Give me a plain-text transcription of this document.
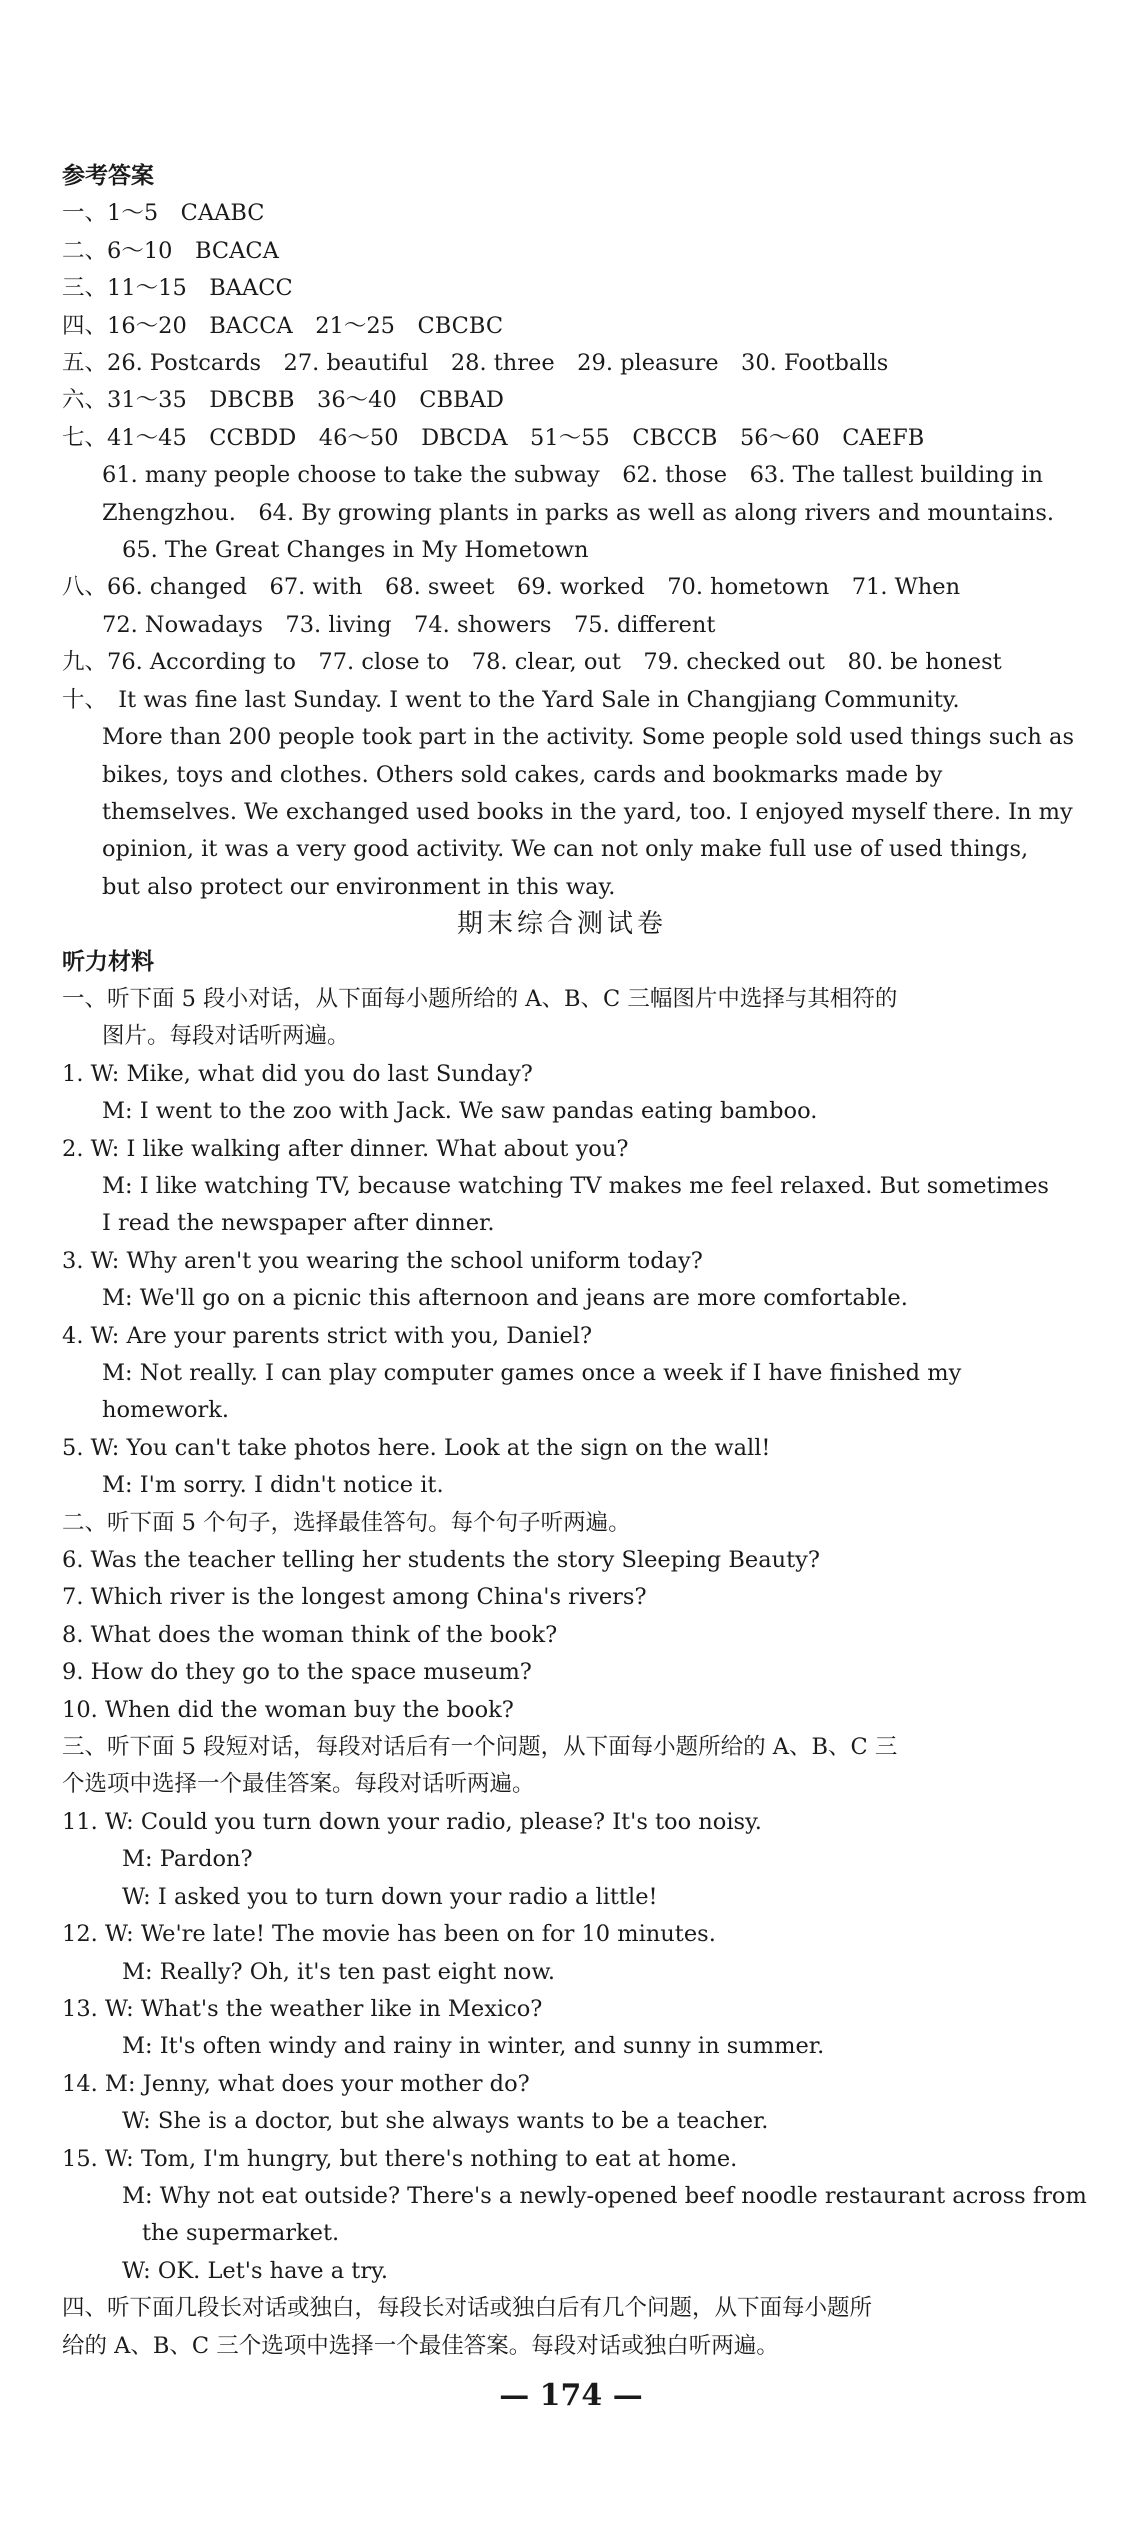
参考答案
一、1～5　CAABC
二、6～10　BCACA
三、11～15　BAACC
四、16～20　BACCA　21～25　CBCBC
五、26. Postcards　27. beautiful　28. three　29. pleasure　30. Footballs
六、31～35　DBCBB　36～40　CBBAD
七、41～45　CCBDD　46～50　DBCDA　51～55　CBCCB　56～60　CAEFB
61. many people choose to take the subway　62. those　63. The tallest building in
Zhengzhou.　64. By growing plants in parks as well as along rivers and mountains.
65. The Great Changes in My Hometown
八、66. changed　67. with　68. sweet　69. worked　70. hometown　71. When
72. Nowadays　73. living　74. showers　75. different
九、76. According to　77. close to　78. clear, out　79. checked out　80. be honest
十、　It was fine last Sunday. I went to the Yard Sale in Changjiang Community.
More than 200 people took part in the activity. Some people sold used things such as
bikes, toys and clothes. Others sold cakes, cards and bookmarks made by
themselves. We exchanged used books in the yard, too. I enjoyed myself there. In my
opinion, it was a very good activity. We can not only make full use of used things,
but also protect our environment in this way.
期末综合测试卷
听力材料
一、听下面 5 段小对话，从下面每小题所给的 A、B、C 三幅图片中选择与其相符的
图片。每段对话听两遍。
1. W: Mike, what did you do last Sunday?
M: I went to the zoo with Jack. We saw pandas eating bamboo.
2. W: I like walking after dinner. What about you?
M: I like watching TV, because watching TV makes me feel relaxed. But sometimes
I read the newspaper after dinner.
3. W: Why aren't you wearing the school uniform today?
M: We'll go on a picnic this afternoon and jeans are more comfortable.
4. W: Are your parents strict with you, Daniel?
M: Not really. I can play computer games once a week if I have finished my
homework.
5. W: You can't take photos here. Look at the sign on the wall!
M: I'm sorry. I didn't notice it.
二、听下面 5 个句子，选择最佳答句。每个句子听两遍。
6. Was the teacher telling her students the story Sleeping Beauty?
7. Which river is the longest among China's rivers?
8. What does the woman think of the book?
9. How do they go to the space museum?
10. When did the woman buy the book?
三、听下面 5 段短对话，每段对话后有一个问题，从下面每小题所给的 A、B、C 三
个选项中选择一个最佳答案。每段对话听两遍。
11. W: Could you turn down your radio, please? It's too noisy.
M: Pardon?
W: I asked you to turn down your radio a little!
12. W: We're late! The movie has been on for 10 minutes.
M: Really? Oh, it's ten past eight now.
13. W: What's the weather like in Mexico?
M: It's often windy and rainy in winter, and sunny in summer.
14. M: Jenny, what does your mother do?
W: She is a doctor, but she always wants to be a teacher.
15. W: Tom, I'm hungry, but there's nothing to eat at home.
M: Why not eat outside? There's a newly-opened beef noodle restaurant across from
the supermarket.
W: OK. Let's have a try.
四、听下面几段长对话或独白，每段长对话或独白后有几个问题，从下面每小题所
给的 A、B、C 三个选项中选择一个最佳答案。每段对话或独白听两遍。
— 174 —
